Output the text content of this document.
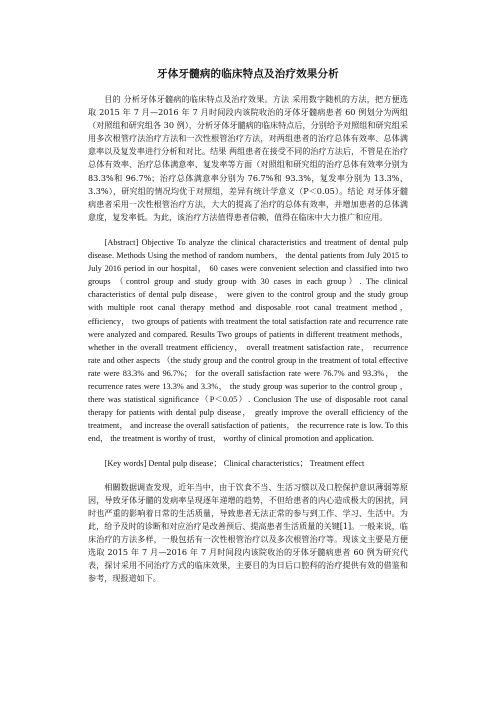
牙体牙髓病的临床特点及治疗效果分析

目的 分析牙体牙髓病的临床特点及治疗效果。方法 采用数字随机的方法，把方便选取 2015 年 7 月—2016 年 7 月时间段内该院收治的牙体牙髓病患者 60 例划分为两组（对照组和研究组各 30 例），分析牙体牙髓病的临床特点后，分别给予对照组和研究组采用多次根管疗法治疗方法和一次性根管治疗方法，对两组患者的治疗总体有效率、总体满意率以及复发率进行分析和对比。结果 两组患者在接受不同的治疗方法后，不管是在治疗总体有效率、治疗总体满意率、复发率等方面（对照组和研究组的治疗总体有效率分别为 83.3%和 96.7%；治疗总体满意率分别为 76.7%和 93.3%，复发率分别为 13.3%、3.3%），研究组的情况均优于对照组，差异有统计学意义（P＜0.05）。结论 对牙体牙髓病患者采用一次性根管治疗方法，大大的提高了治疗的总体有效率，并增加患者的总体满意度，复发率低。为此，该治疗方法值得患者信赖，值得在临床中大力推广和应用。

[Abstract] Objective To analyze the clinical characteristics and treatment of dental pulp disease. Methods Using the method of random numbers， the dental patients from July 2015 to July 2016 period in our hospital， 60 cases were convenient selection and classified into two groups （control group and study group with 30 cases in each group）. The clinical characteristics of dental pulp disease， were given to the control group and the study group with multiple root canal therapy method and disposable root canal treatment method， efficiency， two groups of patients with treatment the total satisfaction rate and recurrence rate were analyzed and compared. Results Two groups of patients in different treatment methods， whether in the overall treatment efficiency， overall treatment satisfaction rate， recurrence rate and other aspects （the study group and the control group in the treatment of total effective rate were 83.3% and 96.7%； for the overall satisfaction rate were 76.7% and 93.3%， the recurrence rates were 13.3% and 3.3%， the study group was superior to the control group ， there was statistical significance（P＜0.05）. Conclusion The use of disposable root canal therapy for patients with dental pulp disease， greatly improve the overall efficiency of the treatment， and increase the overall satisfaction of patients， the recurrence rate is low. To this end， the treatment is worthy of trust， worthy of clinical promotion and application.

[Key words] Dental pulp disease； Clinical characteristics； Treatment effect

相關数据调查发现，近年当中，由于饮食不当、生活习惯以及口腔保护意识薄弱等原因，导致牙体牙髓的发病率呈现逐年递增的趋势，不但给患者的内心造成极大的困扰，同时也严重的影响着日常的生活质量，导致患者无法正常的参与到工作、学习、生活中。为此，给予及时的诊断和对应治疗是改善预后、提高患者生活质量的关键[1]。一般来说，临床治疗的方法多样，一般包括有一次性根管治疗以及多次根管治疗等。现该文主要是方便选取 2015 年 7 月—2016 年 7 月时间段内该院收治的牙体牙髓病患者 60 例为研究代表，探讨采用不同治疗方式的临床效果，主要目的为日后口腔科的治疗提供有效的借鉴和参考，现报道如下。
